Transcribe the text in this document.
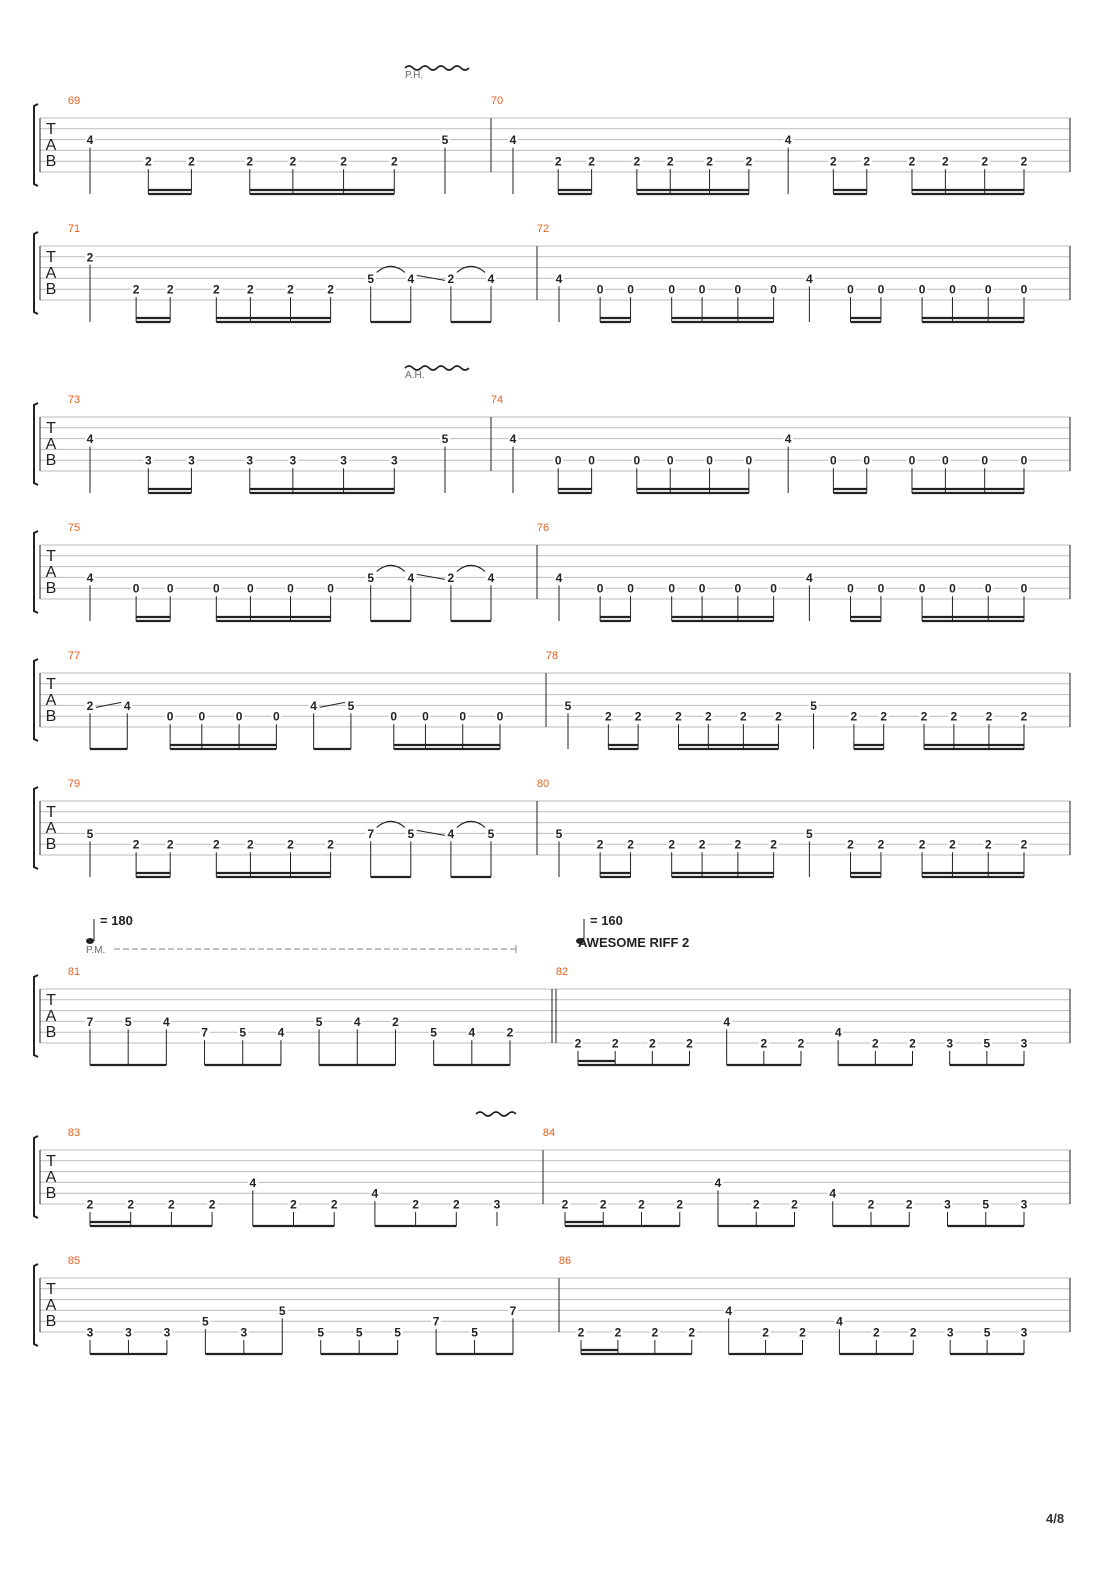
T
A
B
69
4
2	2	2	2	2	2
5
70
4
2 2	2 2	2	2
4
2 2	2 2	2	2
P.H.
T
A
B
71
2
2 2	2 2	2	2
5	4	2	4
72
4
0 0	0 0 0 0
4
0 0	0 0 0 0
T
A
B
73
4
3	3	3	3	3	3
5
74
4
0 0	0 0	0	0
4
0 0	0 0	0	0
A.H.
T
A
B
75
4
0 0	0 0	0	0
5	4	2	4
76
4
0 0	0 0 0 0
4
0 0	0 0 0 0
T
A
B
77
2	4
0 0	0	0
4	5
0 0	0	0
78
5
2 2	2 2 2 2
5
2 2	2 2 2 2
T
A
B
79
5
2 2	2 2	2	2
7	5	4	5
80
5
2 2	2 2 2 2
5
2 2	2 2 2 2
T
A
B
81
7	5	4
7	5	4
5	4	2
5	4	2
82
2	2	2	2
4
2	2
4
2	2	3	5	3
= 180
P.M.
= 160
AWESOME RIFF 2
T
A
B
83
2	2	2	2
4
2	2
4
2	2	3
84
2	2	2	2
4
2	2
4
2	2	3	5	3
T
A
B
85
3	3	3
5
3
5
5	5	5
7
5
7
86
2	2	2	2
4
2	2
4
2	2	3	5	3
4/8
